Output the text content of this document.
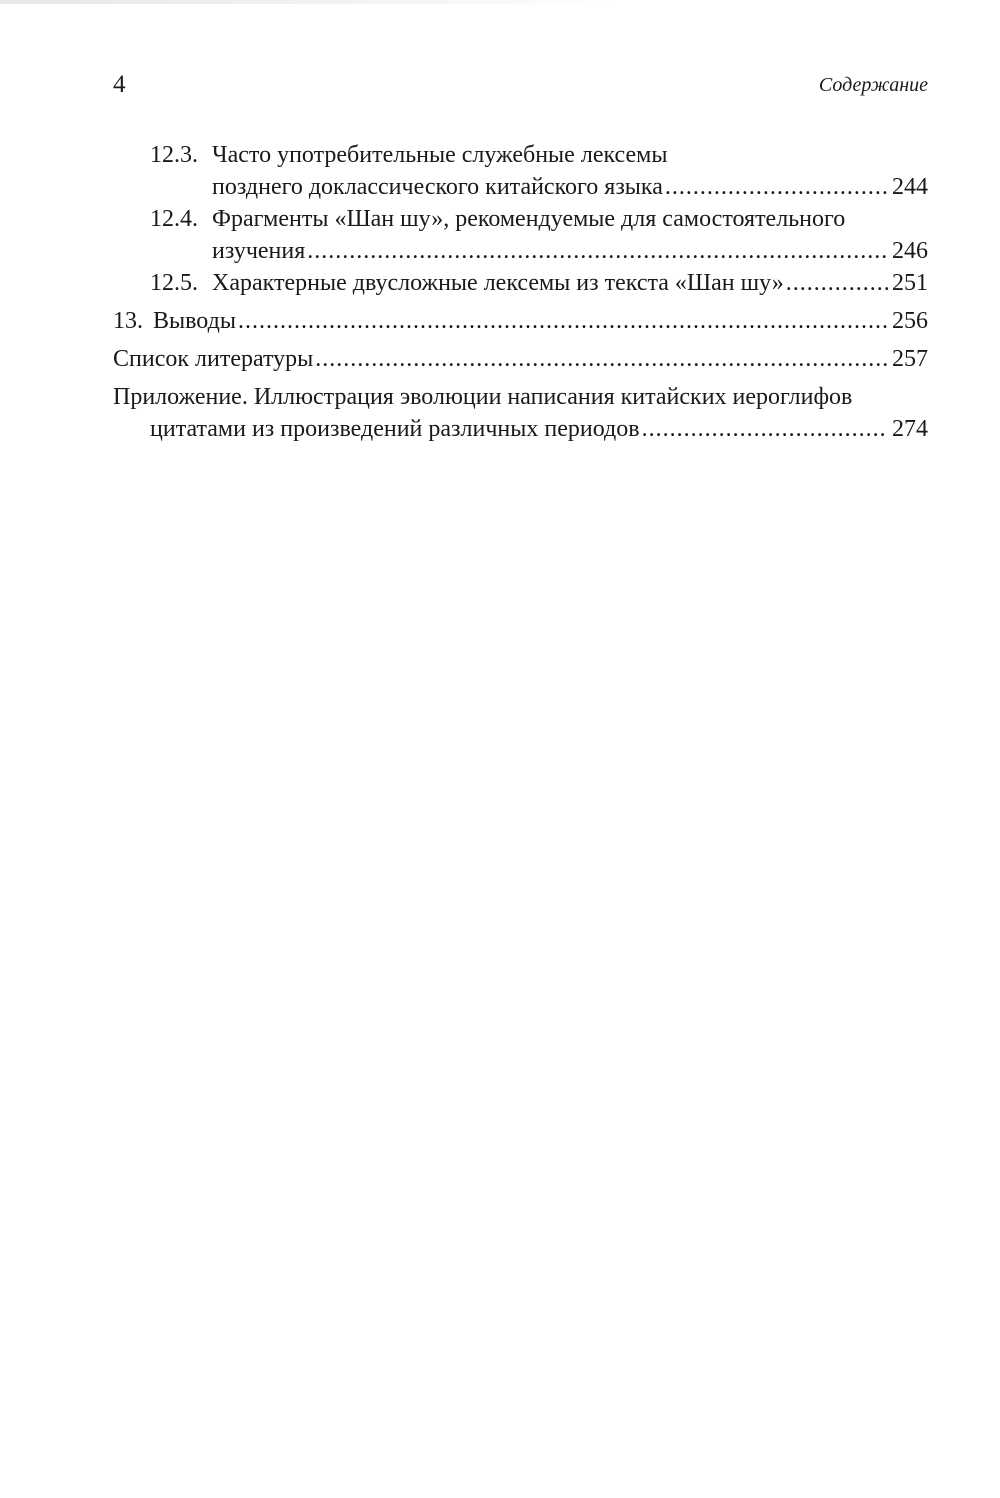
4	Содержание
12.3. Часто употребительные служебные лексемы
позднего доклассического китайского языка .....	244
12.4. Фрагменты «Шан шу», рекомендуемые для самостоятельного
изучения .....	246
12.5. Характерные двусложные лексемы из текста «Шан шу» .....	251
13. Выводы .....	256
Список литературы .....	257
Приложение. Иллюстрация эволюции написания китайских иероглифов
цитатами из произведений различных периодов .....	274
